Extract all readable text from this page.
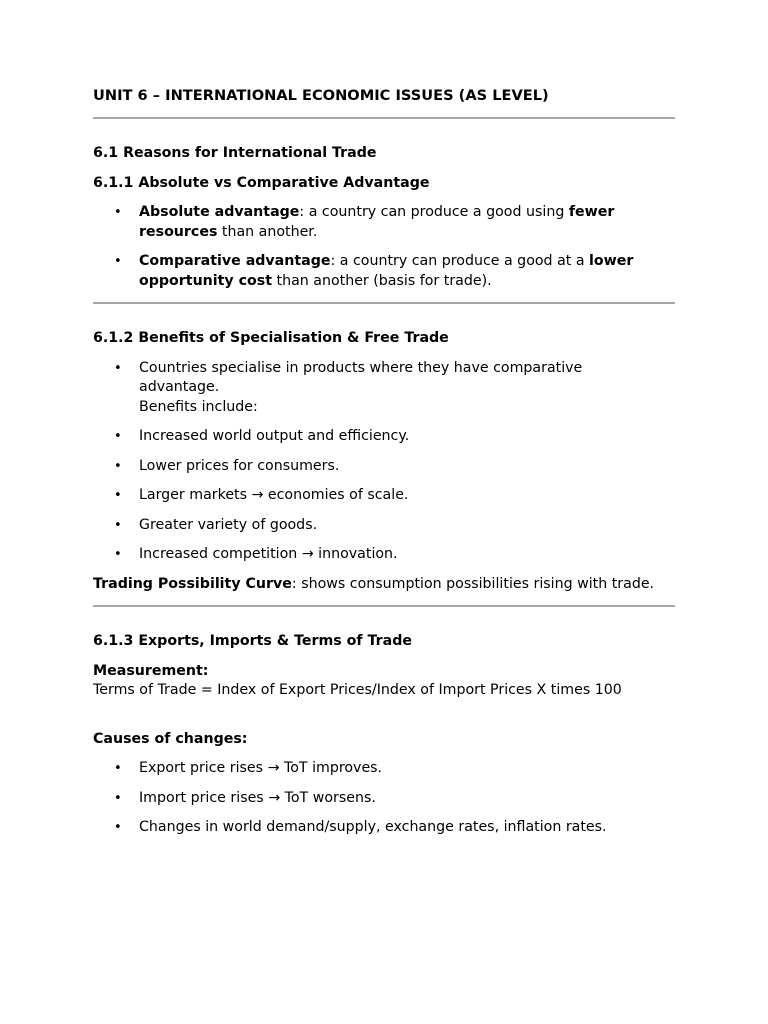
UNIT 6 – INTERNATIONAL ECONOMIC ISSUES (AS LEVEL)
6.1 Reasons for International Trade
6.1.1 Absolute vs Comparative Advantage
• Absolute advantage: a country can produce a good using fewer resources than another.
• Comparative advantage: a country can produce a good at a lower opportunity cost than another (basis for trade).
6.1.2 Benefits of Specialisation & Free Trade
• Countries specialise in products where they have comparative advantage.
Benefits include:
• Increased world output and efficiency.
• Lower prices for consumers.
• Larger markets → economies of scale.
• Greater variety of goods.
• Increased competition → innovation.
Trading Possibility Curve: shows consumption possibilities rising with trade.
6.1.3 Exports, Imports & Terms of Trade
Measurement:
Terms of Trade = Index of Export Prices/Index of Import Prices X times 100
Causes of changes:
• Export price rises → ToT improves.
• Import price rises → ToT worsens.
• Changes in world demand/supply, exchange rates, inflation rates.
